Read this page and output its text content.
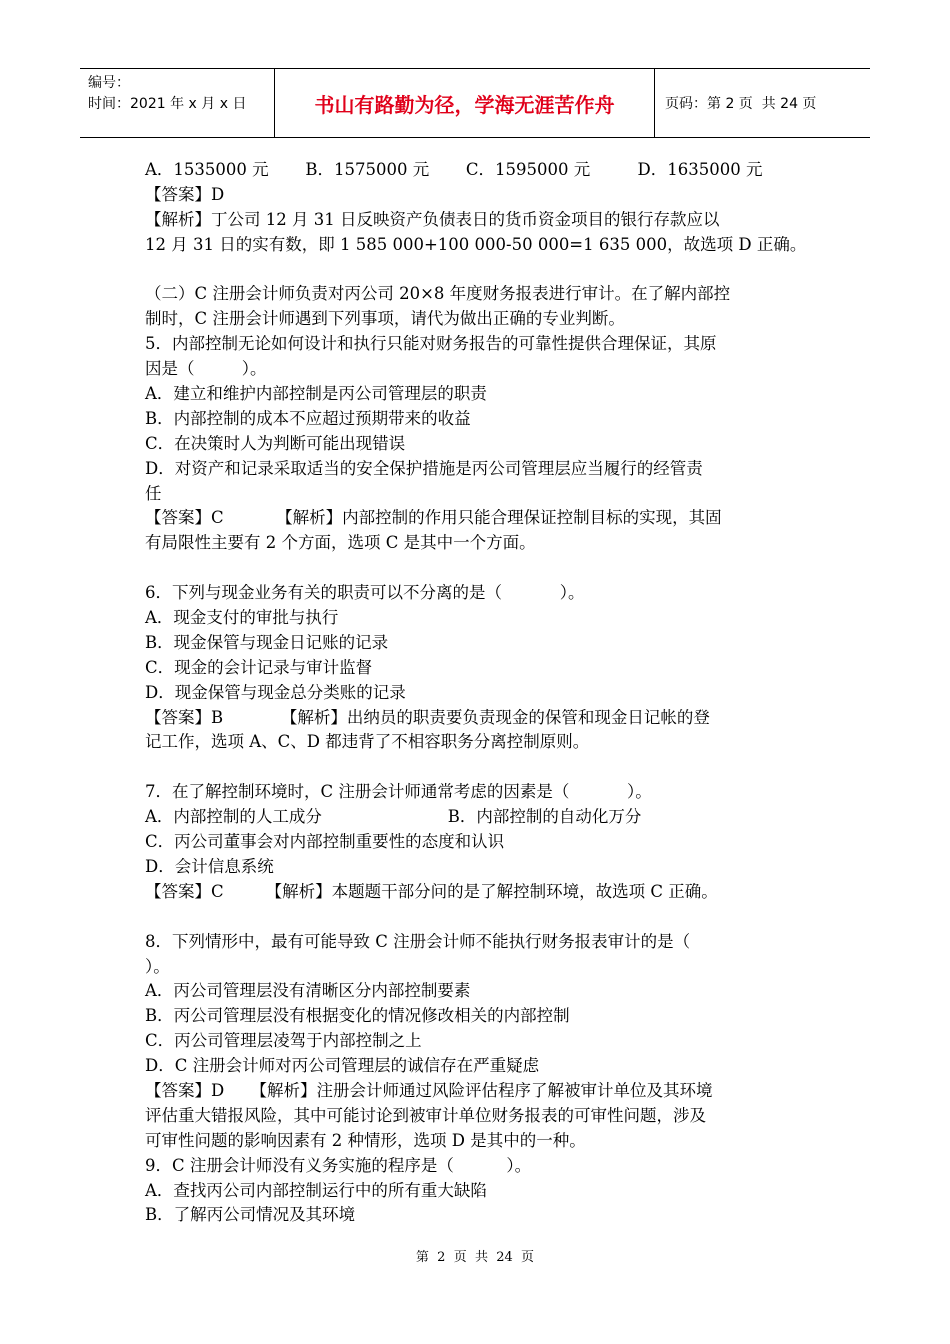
编号：
时间：2021 年 x 月 x 日	书山有路勤为径，学海无涯苦作舟	页码：第 2 页  共 24 页
A．1535000 元       B．1575000 元       C．1595000 元         D．1635000 元
【答案】D
【解析】丁公司 12 月 31 日反映资产负债表日的货币资金项目的银行存款应以
12 月 31 日的实有数，即 1 585 000+100 000-50 000=1 635 000，故选项 D 正确。
（二）C 注册会计师负责对丙公司 20×8 年度财务报表进行审计。在了解内部控
制时，C 注册会计师遇到下列事项，请代为做出正确的专业判断。
5．内部控制无论如何设计和执行只能对财务报告的可靠性提供合理保证，其原
因是（         ）。
A．建立和维护内部控制是丙公司管理层的职责
B．内部控制的成本不应超过预期带来的收益
C．在决策时人为判断可能出现错误
D．对资产和记录采取适当的安全保护措施是丙公司管理层应当履行的经管责
任
【答案】C          【解析】内部控制的作用只能合理保证控制目标的实现，其固
有局限性主要有 2 个方面，选项 C 是其中一个方面。
6．下列与现金业务有关的职责可以不分离的是（           ）。
A．现金支付的审批与执行
B．现金保管与现金日记账的记录
C．现金的会计记录与审计监督
D．现金保管与现金总分类账的记录
【答案】B           【解析】出纳员的职责要负责现金的保管和现金日记帐的登
记工作，选项 A、C、D 都违背了不相容职务分离控制原则。
7．在了解控制环境时，C 注册会计师通常考虑的因素是（           ）。
A．内部控制的人工成分                        B．内部控制的自动化万分
C．丙公司董事会对内部控制重要性的态度和认识
D．会计信息系统
【答案】C        【解析】本题题干部分问的是了解控制环境，故选项 C 正确。
8．下列情形中，最有可能导致 C 注册会计师不能执行财务报表审计的是（
）。
A．丙公司管理层没有清晰区分内部控制要素
B．丙公司管理层没有根据变化的情况修改相关的内部控制
C．丙公司管理层凌驾于内部控制之上
D．C 注册会计师对丙公司管理层的诚信存在严重疑虑
【答案】D     【解析】注册会计师通过风险评估程序了解被审计单位及其环境
评估重大错报风险，其中可能讨论到被审计单位财务报表的可审性问题，涉及
可审性问题的影响因素有 2 种情形，选项 D 是其中的一种。
9．C 注册会计师没有义务实施的程序是（          ）。
A．查找丙公司内部控制运行中的所有重大缺陷
B．了解丙公司情况及其环境
第  2  页  共  24  页
